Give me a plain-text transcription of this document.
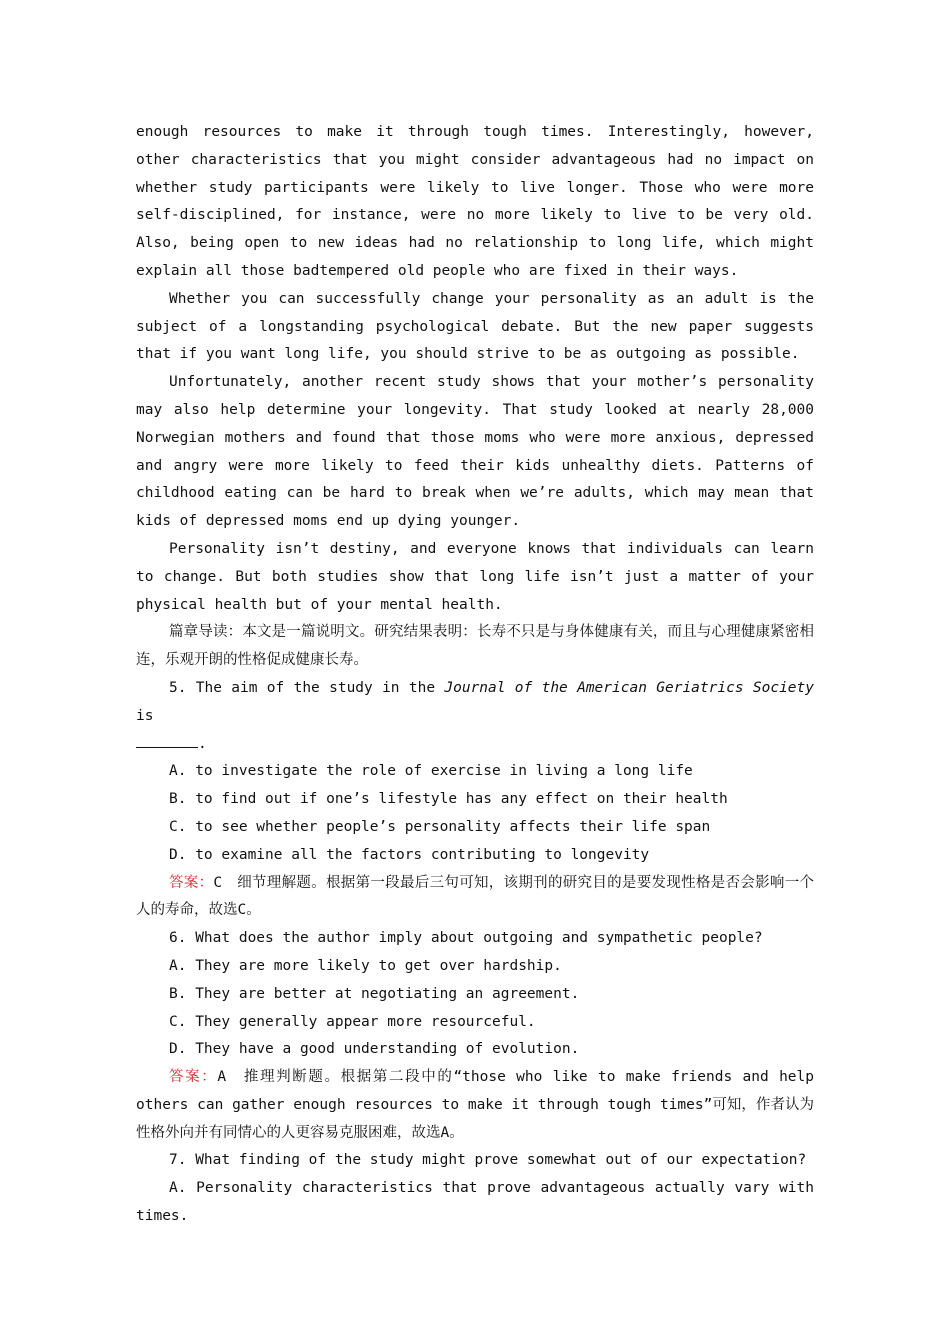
enough resources to make it through tough times. Interestingly, however, other characteristics that you might consider advantageous had no impact on whether study participants were likely to live longer. Those who were more self-disciplined, for instance, were no more likely to live to be very old. Also, being open to new ideas had no relationship to long life, which might explain all those badtempered old people who are fixed in their ways.

Whether you can successfully change your personality as an adult is the subject of a longstanding psychological debate. But the new paper suggests that if you want long life, you should strive to be as outgoing as possible.

Unfortunately, another recent study shows that your mother’s personality may also help determine your longevity. That study looked at nearly 28,000 Norwegian mothers and found that those moms who were more anxious, depressed and angry were more likely to feed their kids unhealthy diets. Patterns of childhood eating can be hard to break when we’re adults, which may mean that kids of depressed moms end up dying younger.

Personality isn’t destiny, and everyone knows that individuals can learn to change. But both studies show that long life isn’t just a matter of your physical health but of your mental health.

篇章导读：本文是一篇说明文。研究结果表明：长寿不只是与身体健康有关，而且与心理健康紧密相连，乐观开朗的性格促成健康长寿。

5. The aim of the study in the Journal of the American Geriatrics Society is
.

A. to investigate the role of exercise in living a long life

B. to find out if one’s lifestyle has any effect on their health

C. to see whether people’s personality affects their life span

D. to examine all the factors contributing to longevity

答案：C　细节理解题。根据第一段最后三句可知，该期刊的研究目的是要发现性格是否会影响一个人的寿命，故选C。

6. What does the author imply about outgoing and sympathetic people?

A. They are more likely to get over hardship.

B. They are better at negotiating an agreement.

C. They generally appear more resourceful.

D. They have a good understanding of evolution.

答案：A　推理判断题。根据第二段中的“those who like to make friends and help others can gather enough resources to make it through tough times”可知，作者认为性格外向并有同情心的人更容易克服困难，故选A。

7. What finding of the study might prove somewhat out of our expectation?

A. Personality characteristics that prove advantageous actually vary with times.
